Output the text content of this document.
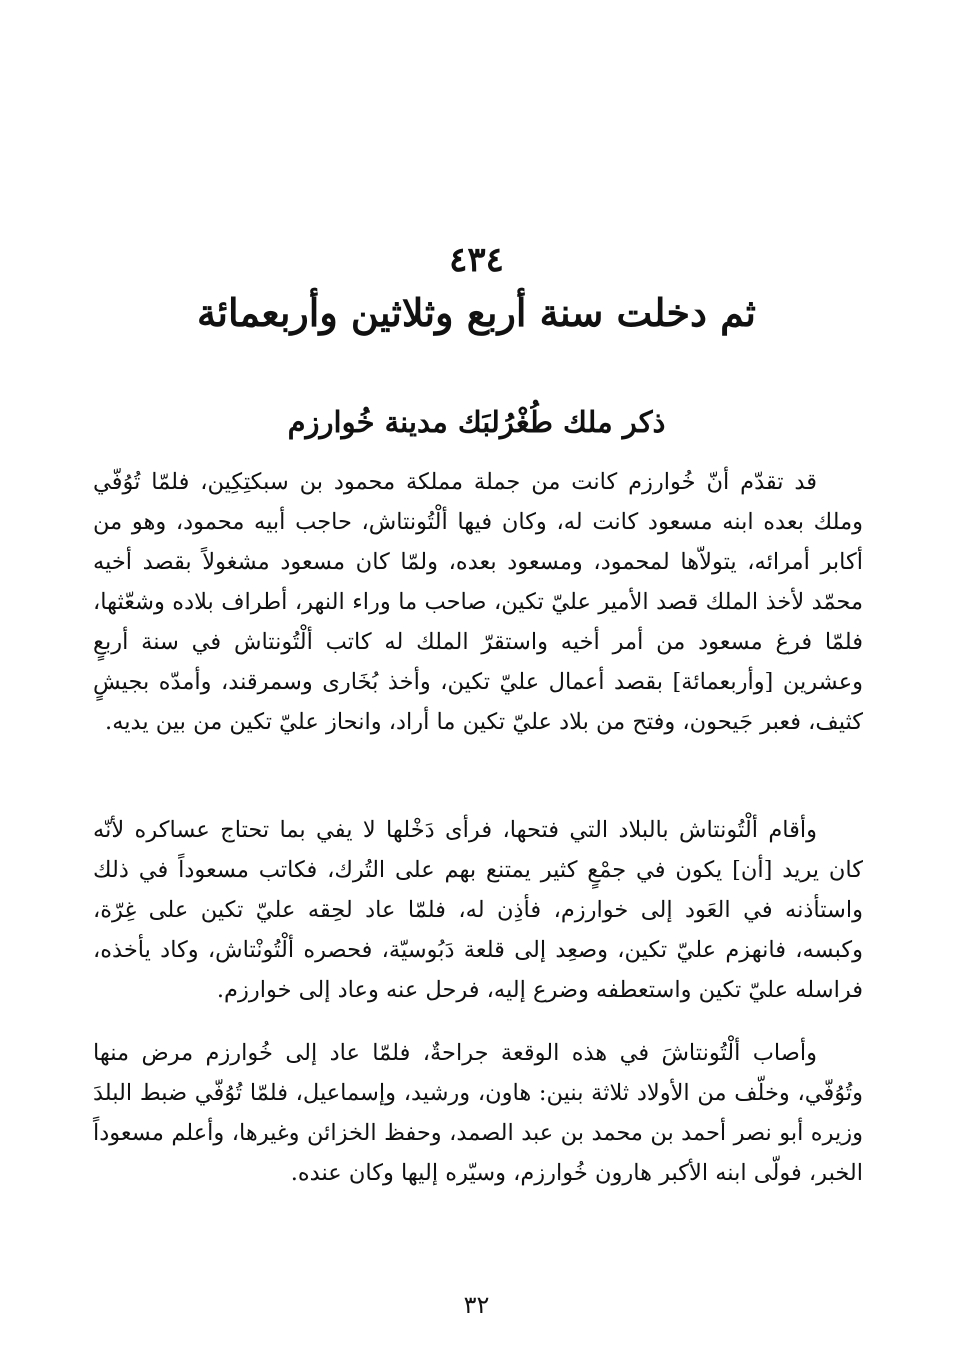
٤٣٤
ثم دخلت سنة أربع وثلاثين وأربعمائة
ذكر ملك طُغْرُلبَك مدينة خُوارزم

قد تقدّم أنّ خُوارزم كانت من جملة مملكة محمود بن سبكتِكِين، فلمّا تُوُفّي وملك بعده ابنه مسعود كانت له، وكان فيها ألْتُونتاش، حاجب أبيه محمود، وهو من أكابر أمرائه، يتولاّها لمحمود، ومسعود بعده، ولمّا كان مسعود مشغولاً بقصد أخيه محمّد لأخذ الملك قصد الأمير عليّ تكين، صاحب ما وراء النهر، أطراف بلاده وشعّثها، فلمّا فرغ مسعود من أمر أخيه واستقرّ الملك له كاتب ألْتُونتاش في سنة أربعٍ وعشرين [وأربعمائة] بقصد أعمال عليّ تكين، وأخذ بُخَارى وسمرقند، وأمدّه بجيشٍ كثيف، فعبر جَيحون، وفتح من بلاد عليّ تكين ما أراد، وانحاز عليّ تكين من بين يديه.

وأقام ألْتُونتاش بالبلاد التي فتحها، فرأى دَخْلها لا يفي بما تحتاج عساكره لأنّه كان يريد [أن] يكون في جمْعٍ كثير يمتنع بهم على التُرك، فكاتب مسعوداً في ذلك واستأذنه في العَود إلى خوارزم، فأذِن له، فلمّا عاد لحِقه عليّ تكين على غِرّة، وكبسه، فانهزم عليّ تكين، وصعِد إلى قلعة دَبُوسيّة، فحصره ألْتُونْتاش، وكاد يأخذه، فراسله عليّ تكين واستعطفه وضرع إليه، فرحل عنه وعاد إلى خوارزم.

وأصاب ألْتُونتاشَ في هذه الوقعة جراحةٌ، فلمّا عاد إلى خُوارزم مرض منها وتُوُفّي، وخلّف من الأولاد ثلاثة بنين: هاون، ورشيد، وإسماعيل، فلمّا تُوُفّي ضبط البلدَ وزيره أبو نصر أحمد بن محمد بن عبد الصمد، وحفظ الخزائن وغيرها، وأعلم مسعوداً الخبر، فولّى ابنه الأكبر هارون خُوارزم، وسيّره إليها وكان عنده.

٣٢
